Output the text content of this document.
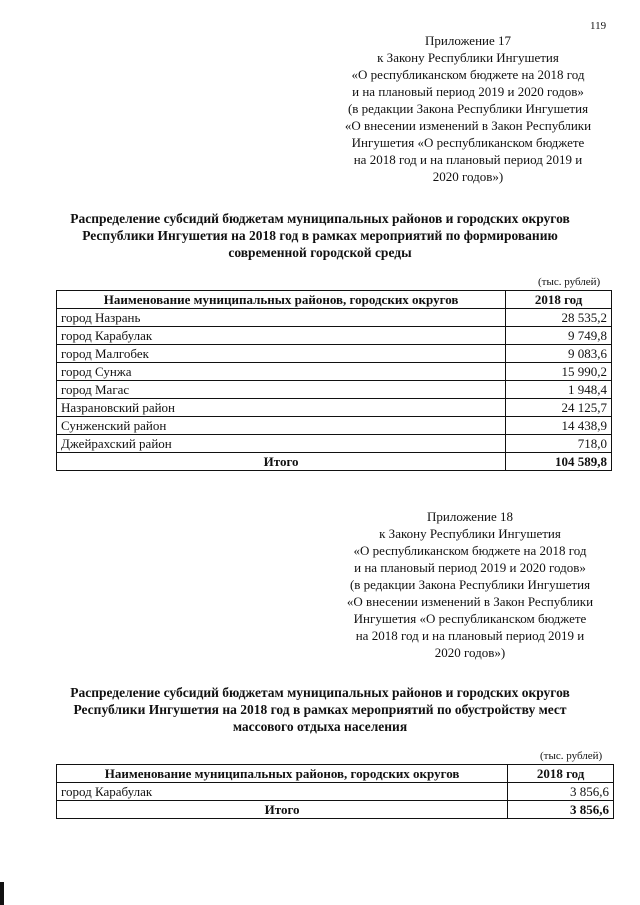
119
Приложение 17
к Закону Республики Ингушетия
«О республиканском бюджете на 2018 год
и на плановый период 2019 и 2020 годов»
(в редакции Закона Республики Ингушетия
«О внесении изменений в Закон Республики
Ингушетия «О республиканском бюджете
на 2018 год и на плановый период 2019 и
2020 годов»)
Распределение субсидий бюджетам муниципальных районов и городских округов
Республики Ингушетия на 2018 год в рамках мероприятий по формированию
современной городской среды
(тыс. рублей)
Наименование муниципальных районов, городских округов	2018 год
город Назрань	28 535,2
город Карабулак	9 749,8
город Малгобек	9 083,6
город Сунжа	15 990,2
город Магас	1 948,4
Назрановский район	24 125,7
Сунженский район	14 438,9
Джейрахский район	718,0
Итого	104 589,8
Приложение 18
к Закону Республики Ингушетия
«О республиканском бюджете на 2018 год
и на плановый период 2019 и 2020 годов»
(в редакции Закона Республики Ингушетия
«О внесении изменений в Закон Республики
Ингушетия «О республиканском бюджете
на 2018 год и на плановый период 2019 и
2020 годов»)
Распределение субсидий бюджетам муниципальных районов и городских округов
Республики Ингушетия на 2018 год в рамках мероприятий по обустройству мест
массового отдыха населения
(тыс. рублей)
Наименование муниципальных районов, городских округов	2018 год
город Карабулак	3 856,6
Итого	3 856,6
